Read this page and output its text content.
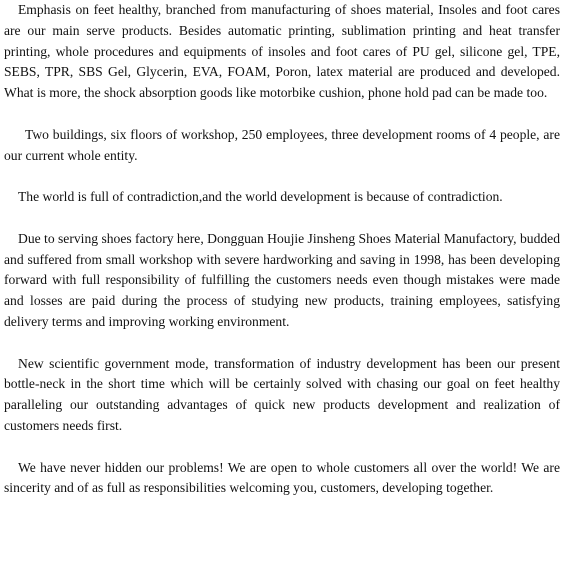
Emphasis on feet healthy, branched from manufacturing of shoes material, Insoles and foot cares are our main serve products. Besides automatic printing, sublimation printing and heat transfer printing, whole procedures and equipments of insoles and foot cares of PU gel, silicone gel, TPE, SEBS, TPR, SBS Gel, Glycerin, EVA, FOAM, Poron, latex material are produced and developed. What is more, the shock absorption goods like motorbike cushion, phone hold pad can be made too.

Two buildings, six floors of workshop, 250 employees, three development rooms of 4 people, are our current whole entity.

The world is full of contradiction,and the world development is because of contradiction.

Due to serving shoes factory here, Dongguan Houjie Jinsheng Shoes Material Manufactory, budded and suffered from small workshop with severe hardworking and saving in 1998, has been developing forward with full responsibility of fulfilling the customers needs even though mistakes were made and losses are paid during the process of studying new products, training employees, satisfying delivery terms and improving working environment.

New scientific government mode, transformation of industry development has been our present bottle-neck in the short time which will be certainly solved with chasing our goal on feet healthy paralleling our outstanding advantages of quick new products development and realization of customers needs first.

We have never hidden our problems! We are open to whole customers all over the world! We are sincerity and of as full as responsibilities welcoming you, customers, developing together.
